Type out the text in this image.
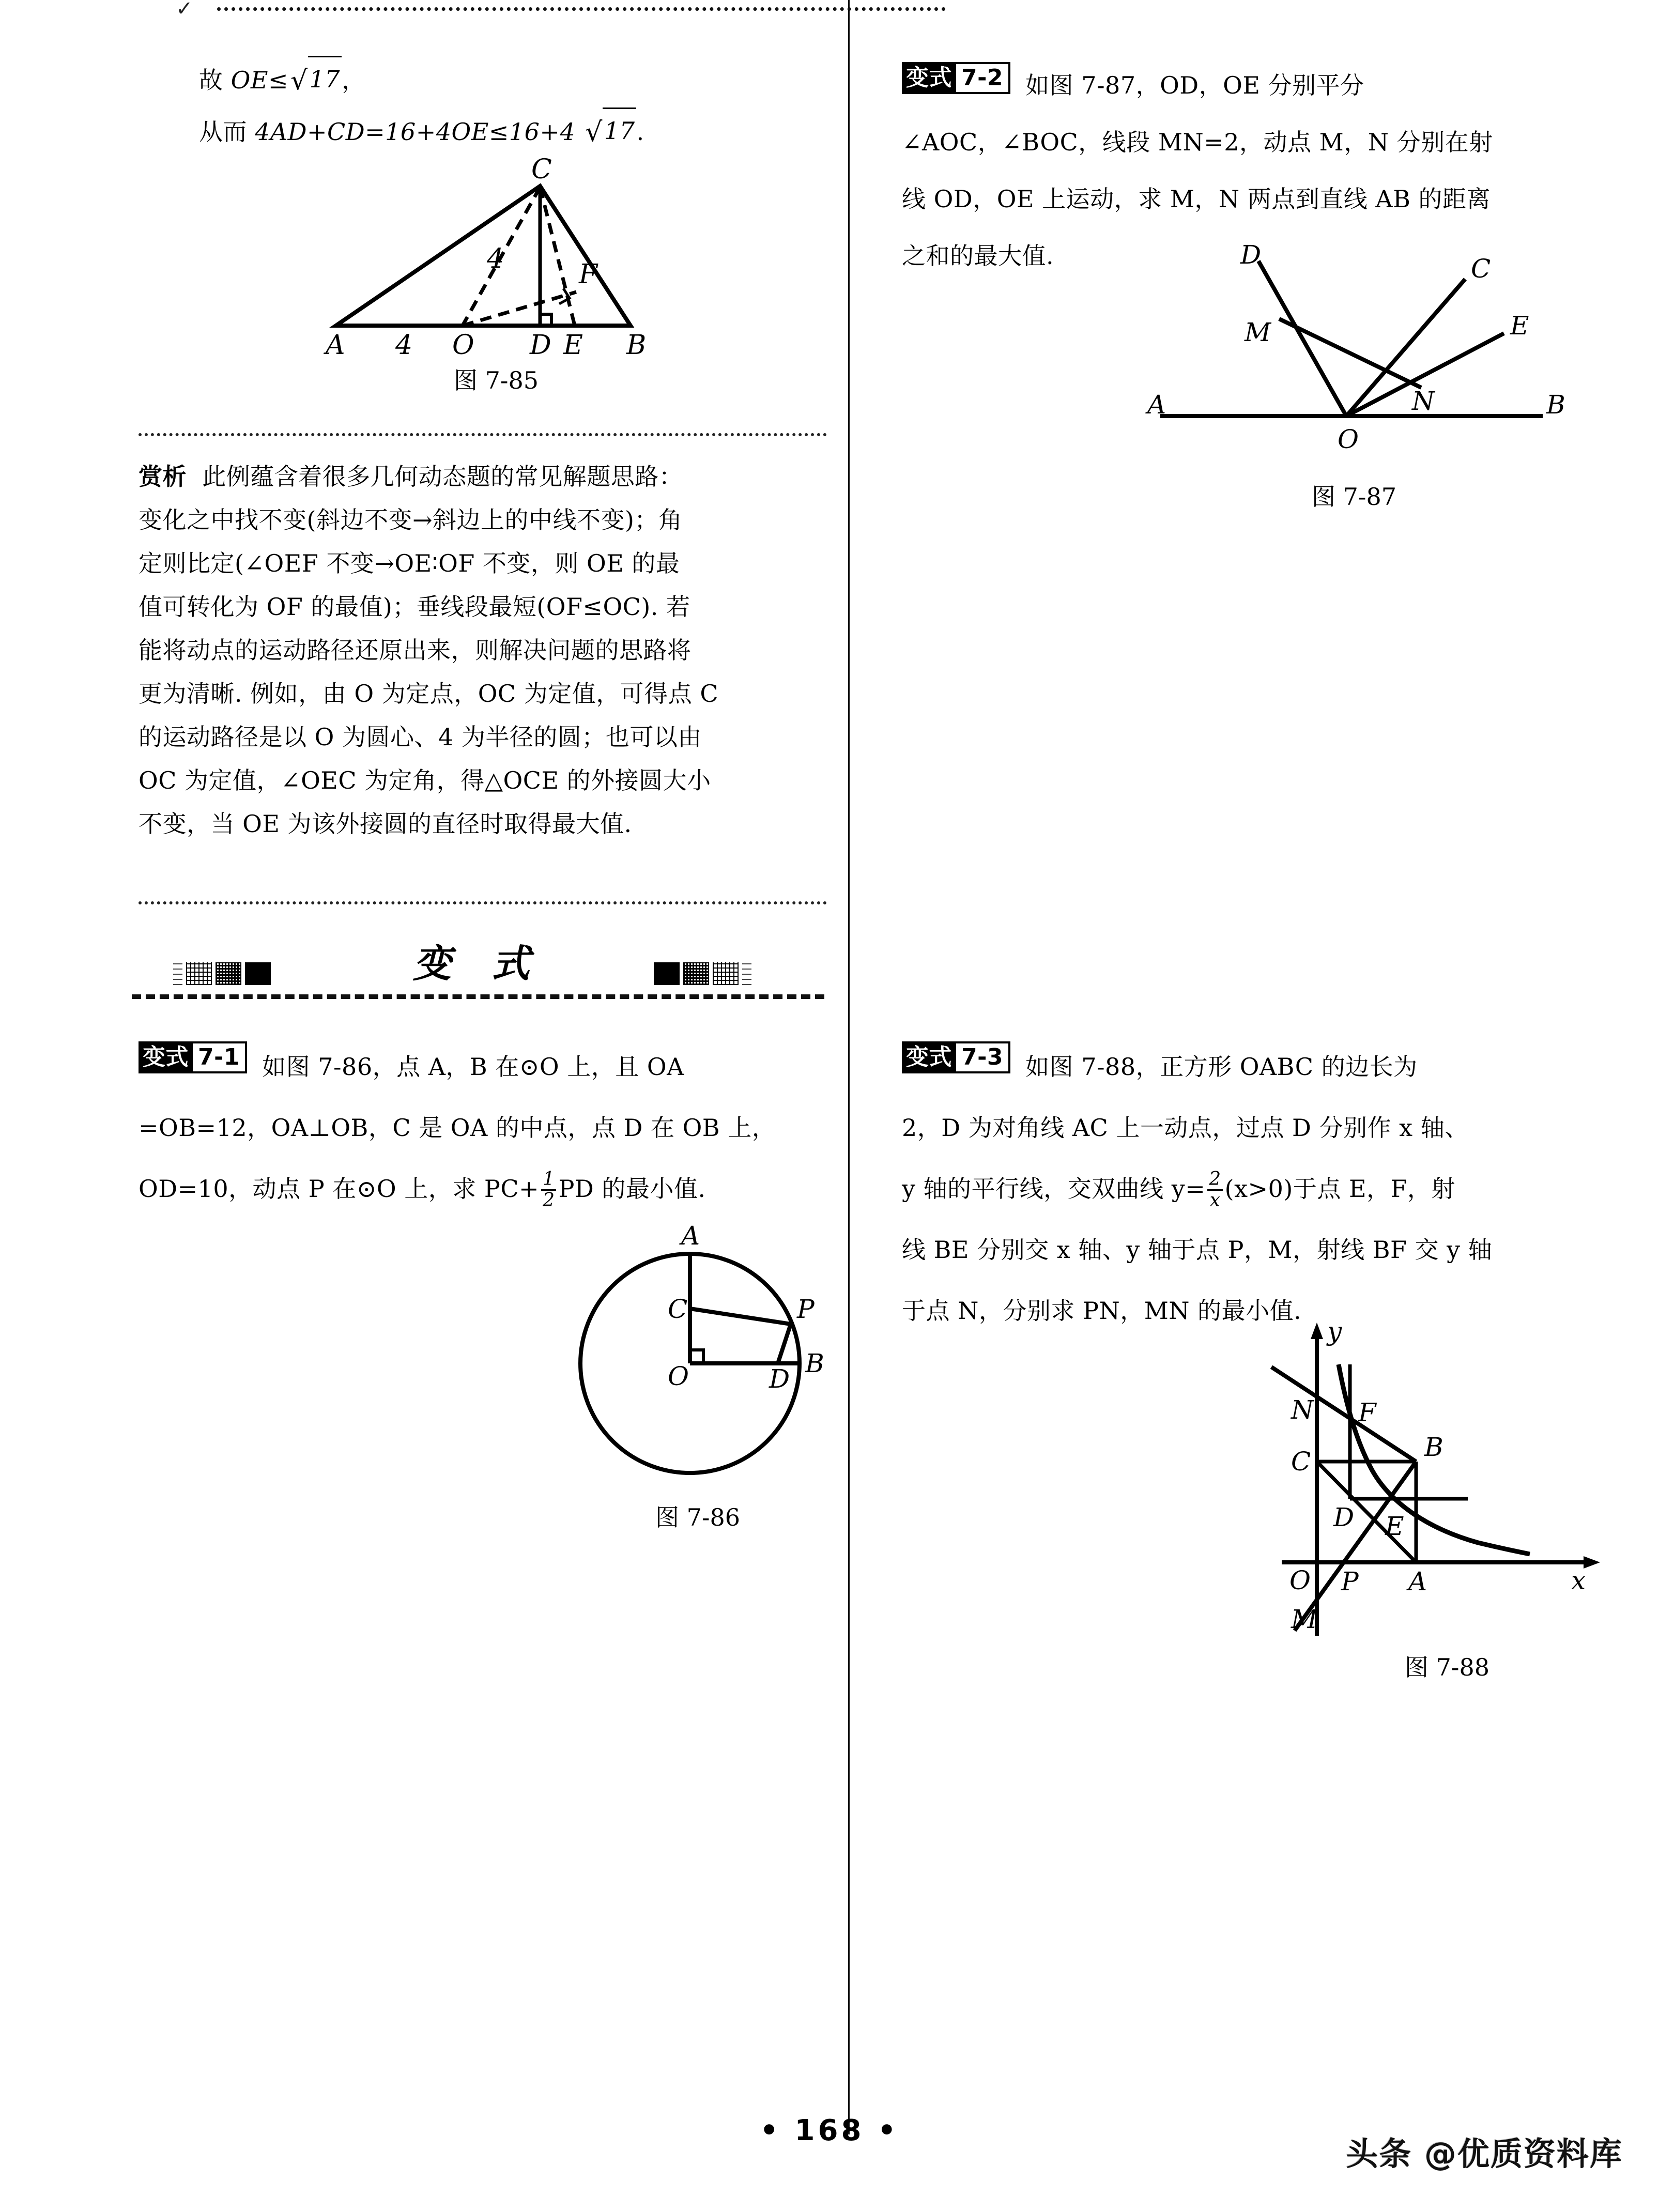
✓
故 OE≤√17，
从而 4AD+CD=16+4OE≤16+4 √17.
A	O D E B
C
F
4
4
图 7-85
赏析 此例蕴含着很多几何动态题的常见解题思路：
变化之中找不变(斜边不变→斜边上的中线不变)；角
定则比定(∠OEF 不变→OE∶OF 不变，则 OE 的最
值可转化为 OF 的最值)；垂线段最短(OF≤OC). 若
能将动点的运动路径还原出来，则解决问题的思路将
更为清晰. 例如，由 O 为定点，OC 为定值，可得点 C
的运动路径是以 O 为圆心、4 为半径的圆；也可以由
OC 为定值，∠OEC 为定角，得△OCE 的外接圆大小
不变，当 OE 为该外接圆的直径时取得最大值.
变 式
变式 7-1 如图 7-86，点 A，B 在⊙O 上，且 OA
=OB=12，OA⊥OB，C 是 OA 的中点，点 D 在 OB 上，
OD=10，动点 P 在⊙O 上，求 $PC+ \frac{1}{2}$ PD 的最小值.
A
C
O	D
B
P
图 7-86
变式 7-2 如图 7-87，OD，OE 分别平分
∠AOC，∠BOC，线段 MN=2，动点 M，N 分别在射
线 OD，OE 上运动，求 M，N 两点到直线 AB 的距离
之和的最大值.	D	C
M	E
N
A
O
B
图 7-87
变式 7-3 如图 7-88，正方形 OABC 的边长为
2，D 为对角线 AC 上一动点，过点 D 分别作 x 轴、
y 轴的平行线，交双曲线 $y= \frac{2}{x} (x>0)$于点 E，F，射
线 BE 分别交 x 轴、y 轴于点 P，M，射线 BF 交 y 轴
于点 N，分别求 PN，MN 的最小值.
y
x
N F
C	B
D E
O P A
M
图 7-88
• 168 •
头条 @优质资料库
